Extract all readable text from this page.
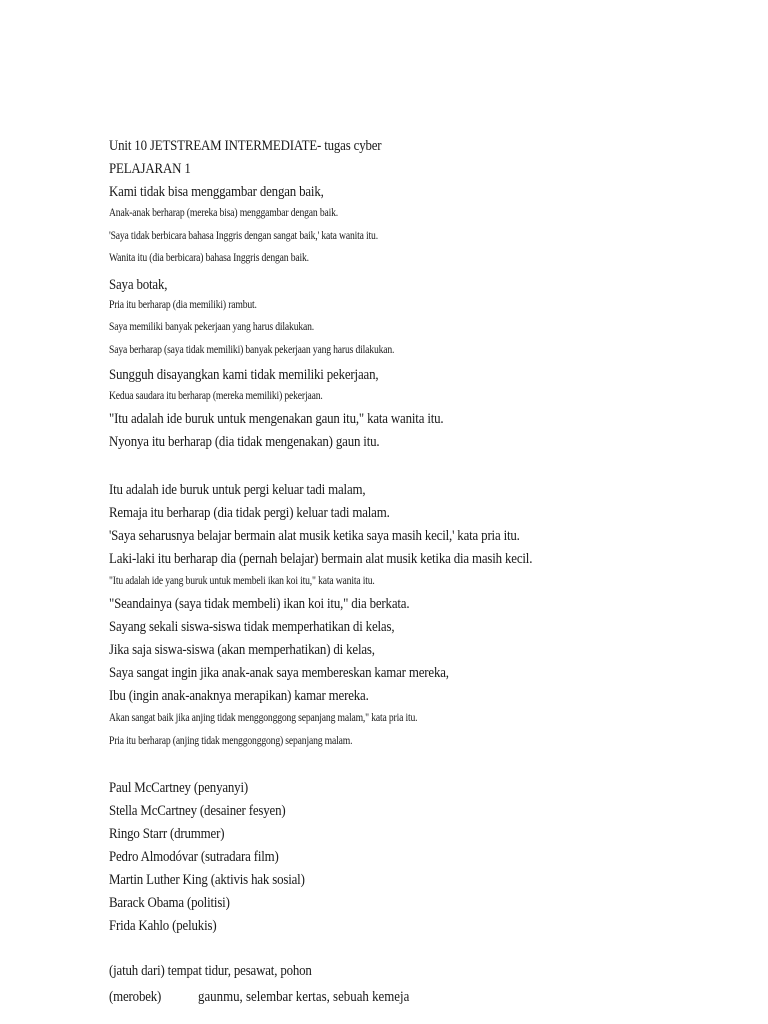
Unit 10 JETSTREAM INTERMEDIATE- tugas cyber
PELAJARAN 1
Kami tidak bisa menggambar dengan baik,
Anak-anak berharap (mereka bisa) menggambar dengan baik.
'Saya tidak berbicara bahasa Inggris dengan sangat baik,' kata wanita itu.
Wanita itu (dia berbicara) bahasa Inggris dengan baik.
Saya botak,
Pria itu berharap (dia memiliki) rambut.
Saya memiliki banyak pekerjaan yang harus dilakukan.
Saya berharap (saya tidak memiliki) banyak pekerjaan yang harus dilakukan.
Sungguh disayangkan kami tidak memiliki pekerjaan,
Kedua saudara itu berharap (mereka memiliki) pekerjaan.
"Itu adalah ide buruk untuk mengenakan gaun itu," kata wanita itu.
Nyonya itu berharap (dia tidak mengenakan) gaun itu.
Itu adalah ide buruk untuk pergi keluar tadi malam,
Remaja itu berharap (dia tidak pergi) keluar tadi malam.
'Saya seharusnya belajar bermain alat musik ketika saya masih kecil,' kata pria itu.
Laki-laki itu berharap dia (pernah belajar) bermain alat musik ketika dia masih kecil.
"Itu adalah ide yang buruk untuk membeli ikan koi itu," kata wanita itu.
"Seandainya (saya tidak membeli) ikan koi itu," dia berkata.
Sayang sekali siswa-siswa tidak memperhatikan di kelas,
Jika saja siswa-siswa (akan memperhatikan) di kelas,
Saya sangat ingin jika anak-anak saya membereskan kamar mereka,
Ibu (ingin anak-anaknya merapikan) kamar mereka.
Akan sangat baik jika anjing tidak menggonggong sepanjang malam," kata pria itu.
Pria itu berharap (anjing tidak menggonggong) sepanjang malam.
Paul McCartney (penyanyi)
Stella McCartney (desainer fesyen)
Ringo Starr (drummer)
Pedro Almodóvar (sutradara film)
Martin Luther King (aktivis hak sosial)
Barack Obama (politisi)
Frida Kahlo (pelukis)
(jatuh dari) tempat tidur, pesawat, pohon
(merobek) gaunmu, selembar kertas, sebuah kemeja
